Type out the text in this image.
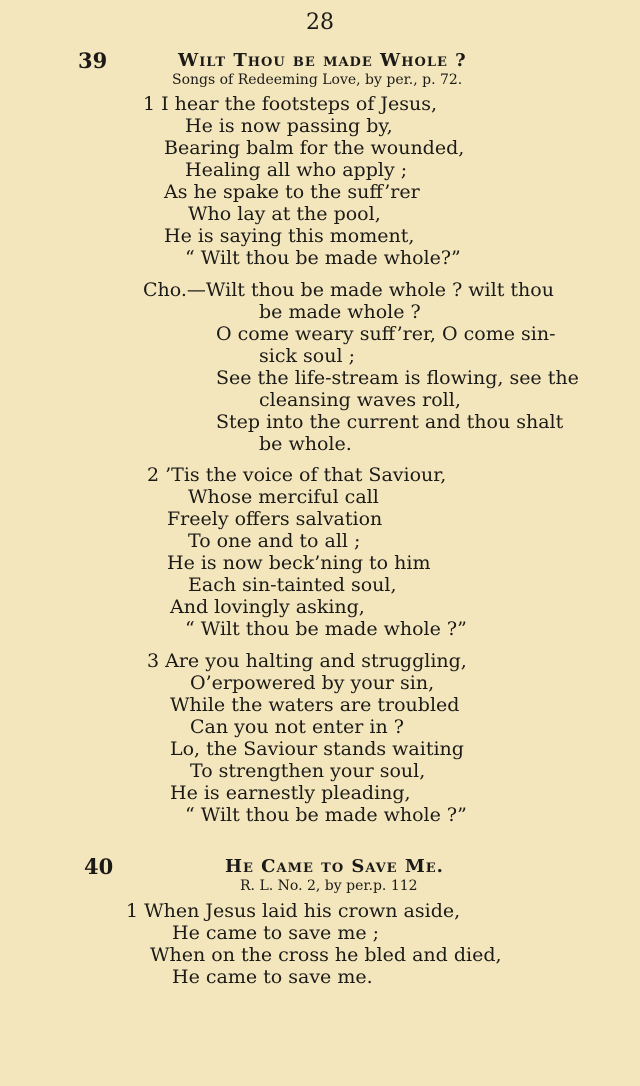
28
39	Wilt Thou be made Whole ?
Songs of Redeeming Love, by per., p. 72.
1 I hear the footsteps of Jesus,
He is now passing by,
Bearing balm for the wounded,
Healing all who apply ;
As he spake to the suff’rer
Who lay at the pool,
He is saying this moment,
“ Wilt thou be made whole?”
Cho.—Wilt thou be made whole ? wilt thou
be made whole ?
O come weary suff’rer, O come sin-
sick soul ;
See the life-stream is flowing, see the
cleansing waves roll,
Step into the current and thou shalt
be whole.
2 ’Tis the voice of that Saviour,
Whose merciful call
Freely offers salvation
To one and to all ;
He is now beck’ning to him
Each sin-tainted soul,
And lovingly asking,
“ Wilt thou be made whole ?”
3 Are you halting and struggling,
O’erpowered by your sin,
While the waters are troubled
Can you not enter in ?
Lo, the Saviour stands waiting
To strengthen your soul,
He is earnestly pleading,
“ Wilt thou be made whole ?”
40	He Came to Save Me.
R. L. No. 2, by per.p. 112
1 When Jesus laid his crown aside,
He came to save me ;
When on the cross he bled and died,
He came to save me.
